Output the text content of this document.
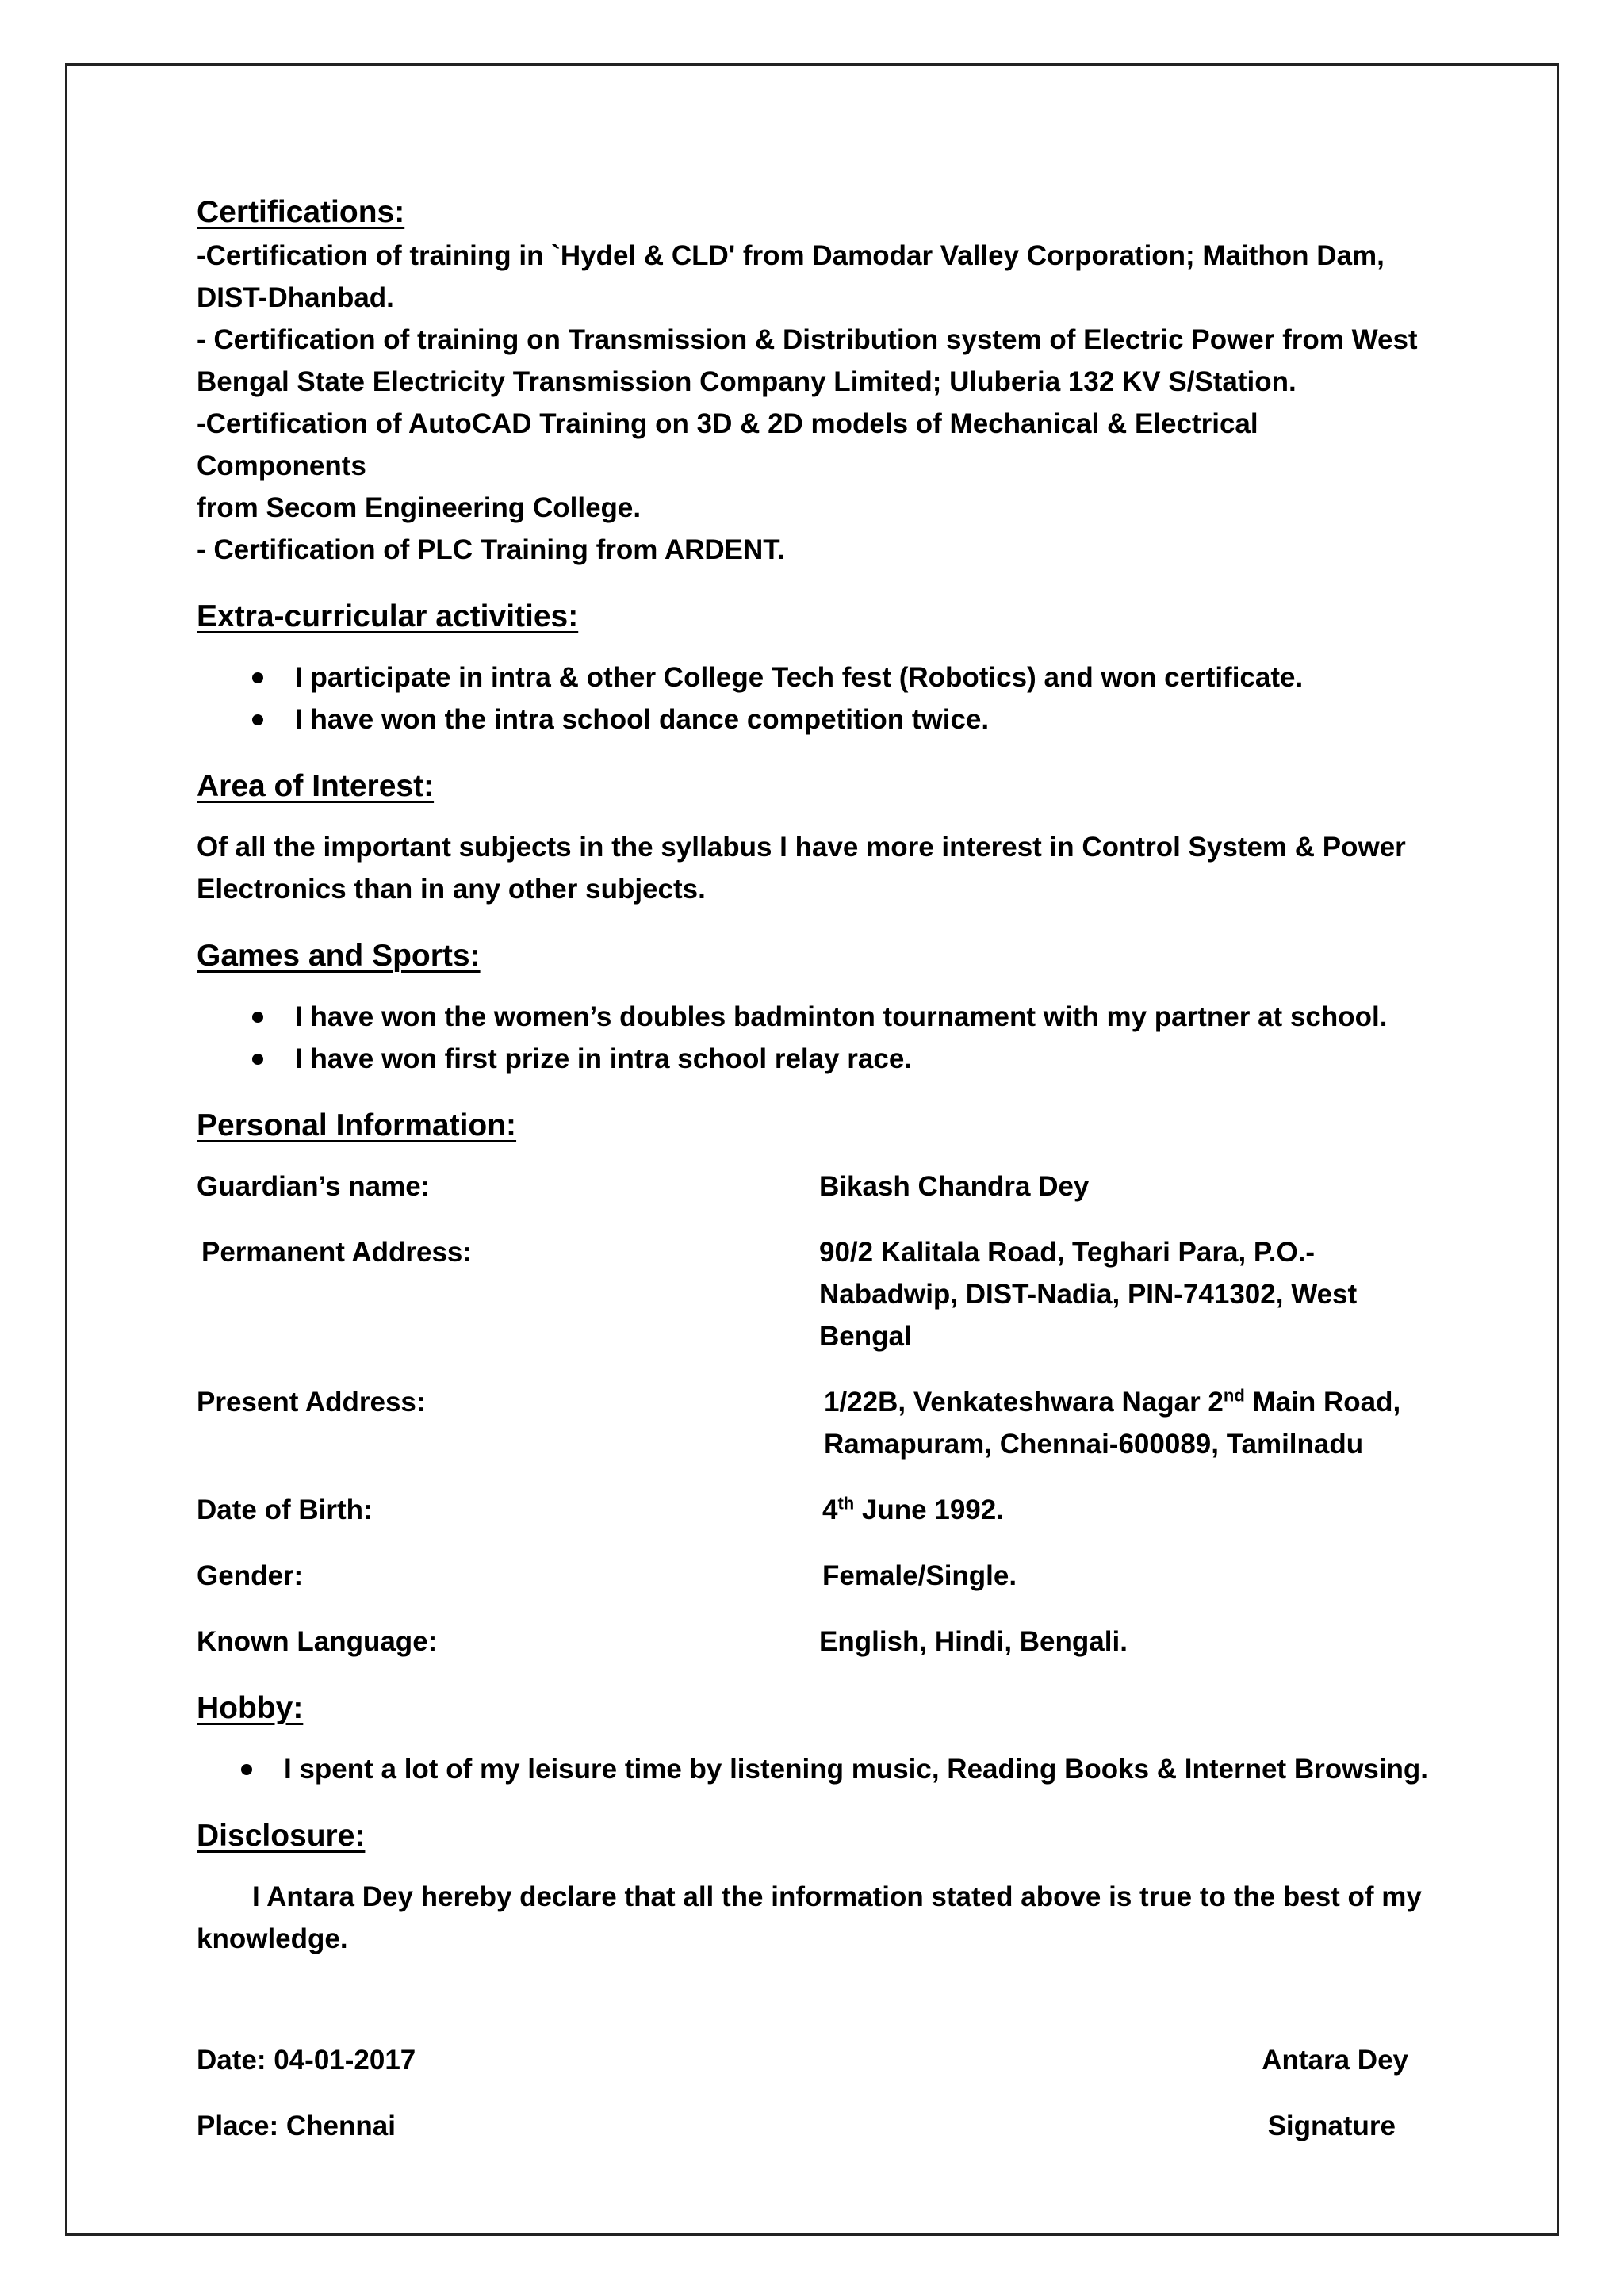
Certifications:

-Certification of training in `Hydel & CLD' from Damodar Valley Corporation; Maithon Dam,

DIST-Dhanbad.

- Certification of training on Transmission & Distribution system of Electric Power from West

Bengal State Electricity Transmission Company Limited; Uluberia 132 KV S/Station.

-Certification of AutoCAD Training on 3D & 2D models of Mechanical & Electrical Components

from Secom Engineering College.

- Certification of PLC Training from ARDENT.

Extra-curricular activities:
I participate in intra & other College Tech fest (Robotics) and won certificate.
I have won the intra school dance competition twice.
Area of Interest:

Of all the important subjects in the syllabus I have more interest in Control System & Power

Electronics than in any other subjects.

Games and Sports:
I have won the women’s doubles badminton tournament with my partner at school.
I have won first prize in intra school relay race.
Personal Information:
Guardian’s name:	Bikash Chandra Dey
Permanent Address:	90/2 Kalitala Road, Teghari Para, P.O.-
Nabadwip, DIST-Nadia, PIN-741302, West Bengal
Present Address:	1/22B, Venkateshwara Nagar 2nd Main Road,
Ramapuram, Chennai-600089, Tamilnadu
Date of Birth:	4th June 1992.
Gender:	Female/Single.
Known Language:	English, Hindi, Bengali.
Hobby:
I spent a lot of my leisure time by listening music, Reading Books & Internet Browsing.
Disclosure:

I Antara Dey hereby declare that all the information stated above is true to the best of my

knowledge.

Date: 04-01-2017	Antara Dey
Place: Chennai	Signature
